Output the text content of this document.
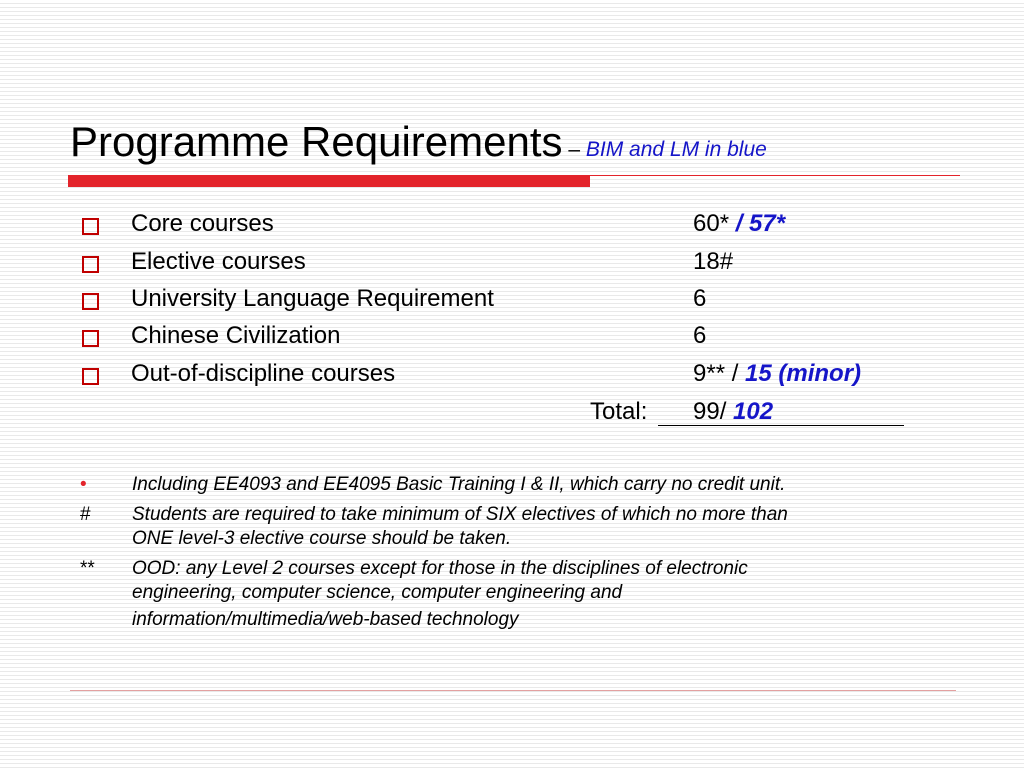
Programme Requirements – BIM and LM in blue
Core courses	60* / 57*
Elective courses	18#
University Language Requirement	6
Chinese Civilization	6
Out-of-discipline courses	9** / 15 (minor)
Total: 99/ 102
• Including EE4093 and EE4095 Basic Training I & II, which carry no credit unit.
# Students are required to take minimum of SIX electives of which no more than
ONE level-3 elective course should be taken.
** OOD: any Level 2 courses except for those in the disciplines of electronic
engineering, computer science, computer engineering and
information/multimedia/web-based technology
